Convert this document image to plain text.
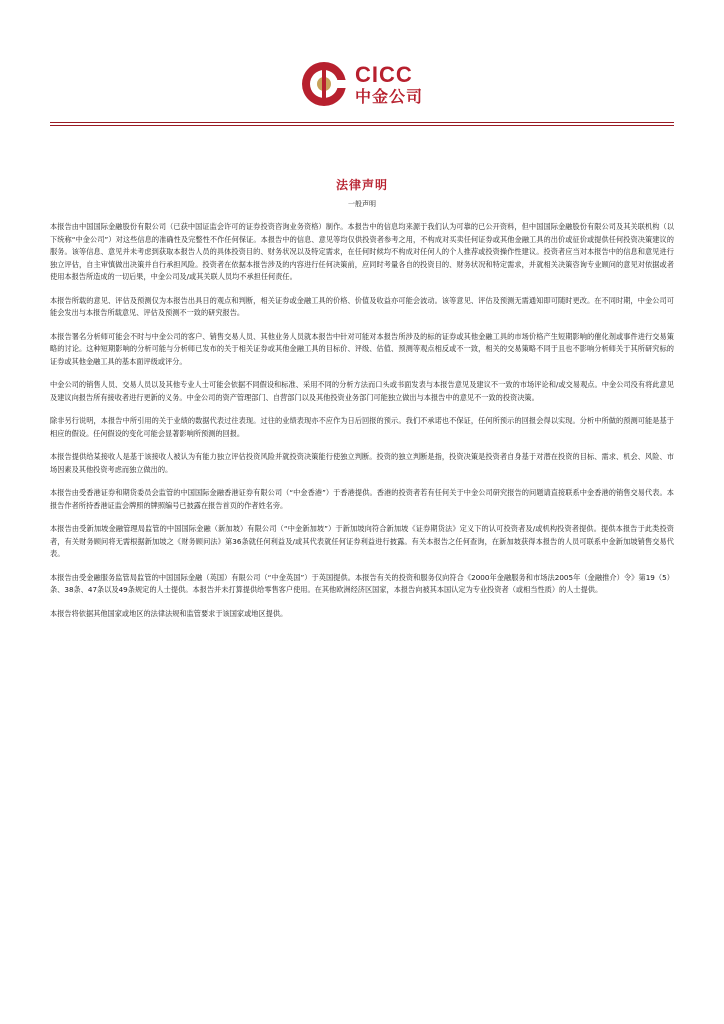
CICC
中金公司
法律声明
一般声明

本报告由中国国际金融股份有限公司（已获中国证监会许可的证券投资咨询业务资格）制作。本报告中的信息均来源于我们认为可靠的已公开资料，但中国国际金融股份有限公司及其关联机构（以下统称“中金公司”）对这些信息的准确性及完整性不作任何保证。本报告中的信息、意见等均仅供投资者参考之用，不构成对买卖任何证券或其他金融工具的出价或征价或提供任何投资决策建议的服务。该等信息、意见并未考虑到获取本报告人员的具体投资目的、财务状况以及特定需求，在任何时候均不构成对任何人的个人推荐或投资操作性建议。投资者应当对本报告中的信息和意见进行独立评估，自主审慎做出决策并自行承担风险。投资者在依据本报告涉及的内容进行任何决策前，应同时考量各自的投资目的、财务状况和特定需求，并就相关决策咨询专业顾问的意见对依据或者使用本报告所造成的一切后果，中金公司及/或其关联人员均不承担任何责任。

本报告所载的意见、评估及预测仅为本报告出具日的观点和判断，相关证券或金融工具的价格、价值及收益亦可能会波动。该等意见、评估及预测无需通知即可随时更改。在不同时期，中金公司可能会发出与本报告所载意见、评估及预测不一致的研究报告。

本报告署名分析师可能会不时与中金公司的客户、销售交易人员、其他业务人员就本报告中针对可能对本报告所涉及的标的证券或其他金融工具的市场价格产生短期影响的催化剂或事件进行交易策略的讨论。这种短期影响的分析可能与分析师已发布的关于相关证券或其他金融工具的目标价、评级、估值、预测等观点相反或不一致，相关的交易策略不同于且也不影响分析师关于其所研究标的证券或其他金融工具的基本面评级或评分。

中金公司的销售人员、交易人员以及其他专业人士可能会依据不同假设和标准、采用不同的分析方法而口头或书面发表与本报告意见及建议不一致的市场评论和/或交易观点。中金公司没有将此意见及建议向报告所有接收者进行更新的义务。中金公司的资产管理部门、自营部门以及其他投资业务部门可能独立做出与本报告中的意见不一致的投资决策。

除非另行说明，本报告中所引用的关于业绩的数据代表过往表现。过往的业绩表现亦不应作为日后回报的预示。我们不承诺也不保证，任何所预示的回报会得以实现。分析中所做的预测可能是基于相应的假设。任何假设的变化可能会显著影响所预测的回报。

本报告提供给某接收人是基于该接收人被认为有能力独立评估投资风险并就投资决策能行使独立判断。投资的独立判断是指，投资决策是投资者自身基于对潜在投资的目标、需求、机会、风险、市场因素及其他投资考虑而独立做出的。

本报告由受香港证券和期货委员会监管的中国国际金融香港证券有限公司（“中金香港”）于香港提供。香港的投资者若有任何关于中金公司研究报告的问题请直接联系中金香港的销售交易代表。本报告作者所持香港证监会牌照的牌照编号已披露在报告首页的作者姓名旁。

本报告由受新加坡金融管理局监管的中国国际金融（新加坡）有限公司（“中金新加坡”）于新加坡向符合新加坡《证券期货法》定义下的认可投资者及/或机构投资者提供。提供本报告于此类投资者，有关财务顾问将无需根据新加坡之《财务顾问法》第36条就任何利益及/或其代表就任何证券利益进行披露。有关本报告之任何查询，在新加坡获得本报告的人员可联系中金新加坡销售交易代表。

本报告由受金融服务监管局监管的中国国际金融（英国）有限公司（“中金英国”）于英国提供。本报告有关的投资和服务仅向符合《2000年金融服务和市场法2005年（金融推介）令》第19（5）条、38条、47条以及49条规定的人士提供。本报告并未打算提供给零售客户使用。在其他欧洲经济区国家，本报告向被其本国认定为专业投资者（或相当性质）的人士提供。

本报告将依据其他国家或地区的法律法规和监管要求于该国家或地区提供。
